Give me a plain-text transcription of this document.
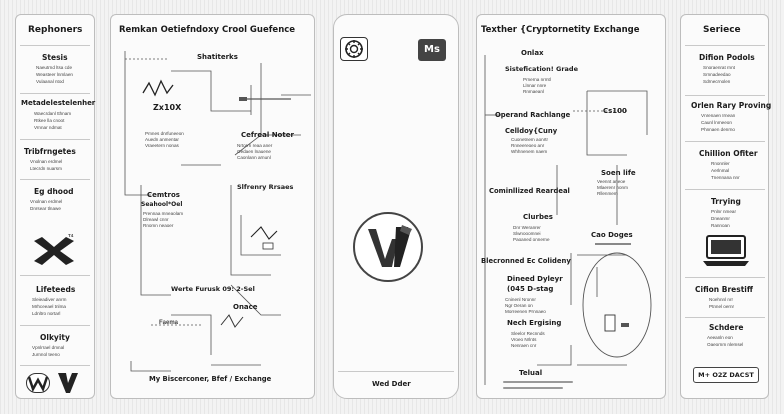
Rephoners
Stesis
Naeutrnd ltsa cde
Weasteer lnmlaen
Vulaanal ntod
Metadelestelenher
Waecrdanl tthnam
Rtkee lla cnoot
Vrnnar ndmat
Tribfrngetes
Vnolnan erdmel
Ltecrdn nuarsm
Eg dhood
Vnolnan erdmel
Dnrsear tlnawe
T4
Lifeteeds
Sleieadiver anrm
Mrhceeael tnlma
Ldnltro nortarl
Olkyity
Vpnlrrael dmnal
Jurnnol teeno
Remkan Oetiefndoxy Crool Guefence
Shatiterks
Zx10X
Pmnes dnrfuneeon
Auedn anmentar
Vraeetern nonas
Cefreal Noter
Nrtorrn reaa aner
Oedaen lnauene
Caonlann arnunl
Cemtros
Seahool*Oel
Prennaa mneaolam
Dlreawl cnnr
Rnomn neaoer
Slfrenry Rrsaes
Werte Furusk 09: 2-Sel
Onace
Faema
My Biscerconer, Bfef / Exchange
Ms
Wed Dder
Texther {Cryptornetity Exchange
Onlax
Sistefication! Grade
Prnerna nrmtl
Llnnar nnre
Rnmaeanl
Operand Rachlange
Celldoy{Cuny
Cuonetnem aonrtr
Rnneereoeo anr
Whhnenem naem
Cs100
Soen life
Veennt aneoe
Mlaerenr nonm
Rllenmem
Cominllized Reardeal
Clurbes
Dnr Weranrer
Slwnooomnei
Paoaned onnerne
Cao Doges
Blecronned Ec Colideny
Dineed Dyleyr
(045 D-stag
Cninenl Nronnr
Ngr Oeran on
Morreenen Prnnaeo
Nech Ergising
Sleelor Recnnds
Vroeo Nrlnts
Nenraen cnr
Telual
Seriece
Difion Podols
Snoraenrat rnnt
Srnnadeedao
Sdrnecrnolen
Orlen Rary Proving
Vnrenaen Irnean
Caunl lnmeeon
Phnnaen denrno
Chillion Ofiter
Rnonnler
Aerlnmal
Tnennana nnr
Trrying
Pnlnr nmear
Dneanmr
Rannoan
Cifion Brestiff
Noehnnl nrr
Ptnnel oernr
Schdere
Aeeanln eon
Oaeornm nlemsel
M+ O2Z DACST
